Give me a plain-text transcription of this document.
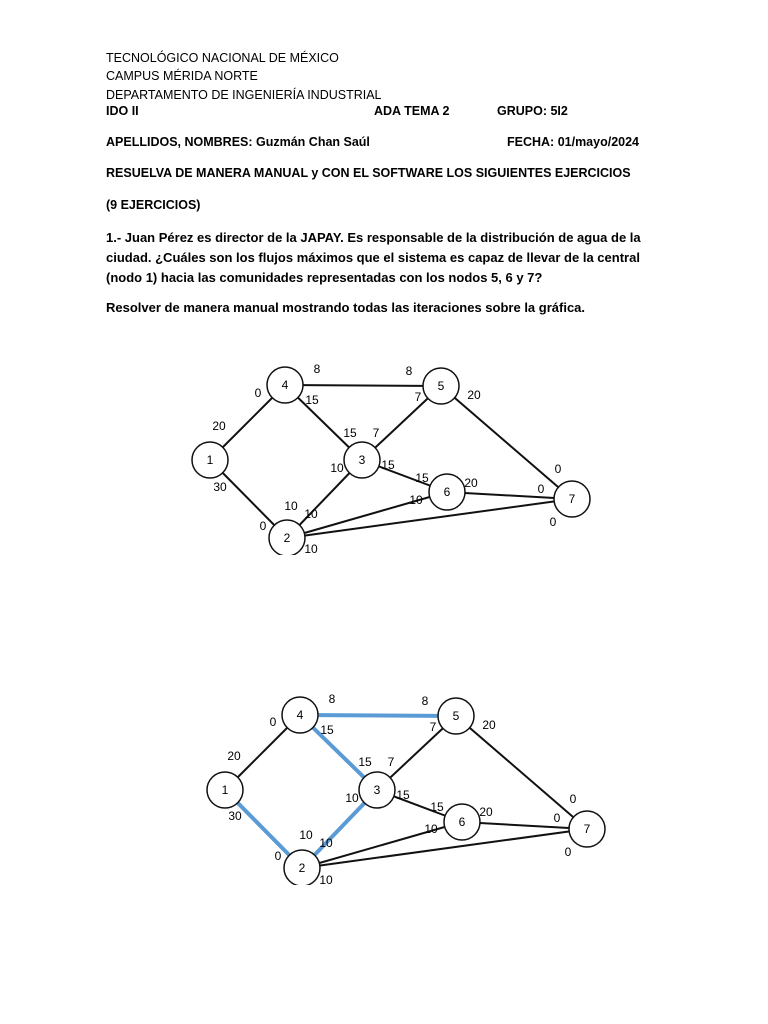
TECNOLÓGICO NACIONAL DE MÉXICO
CAMPUS MÉRIDA NORTE
DEPARTAMENTO DE INGENIERÍA INDUSTRIAL
IDO II	ADA TEMA 2	GRUPO: 5I2
APELLIDOS, NOMBRES: Guzmán Chan Saúl	FECHA: 01/mayo/2024
RESUELVA DE MANERA MANUAL y CON EL SOFTWARE LOS SIGUIENTES EJERCICIOS
(9 EJERCICIOS)
1.- Juan Pérez es director de la JAPAY. Es responsable de la distribución de agua de la ciudad. ¿Cuáles son los flujos máximos que el sistema es capaz de llevar de la central (nodo 1) hacia las comunidades representadas con los nodos 5, 6 y 7?
Resolver de manera manual mostrando todas las iteraciones sobre la gráfica.
1
2
3
4	5
6	7
20
0
30
0
8	8
15
15
7
7
20
0
10
10
15
15
10
10
20	0
10
0
1
2
3
4	5
6	7
20
0
30
0
8	8
15
15
7
7
20
0
10
10
15
15
10
10
20	0
10
0
